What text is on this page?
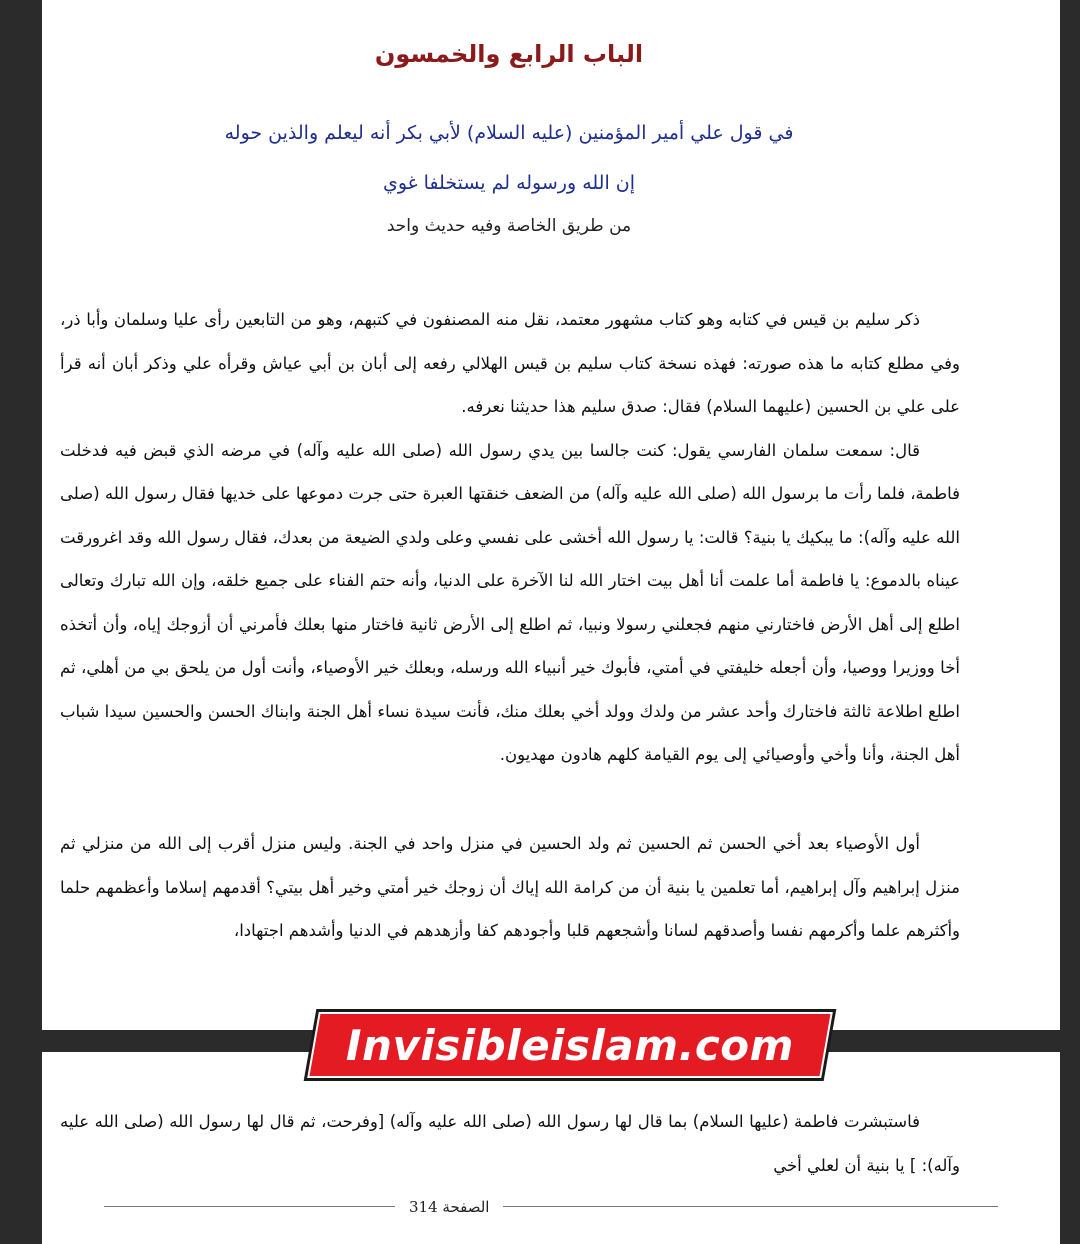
الباب الرابع والخمسون
في قول علي أمير المؤمنين (عليه السلام) لأبي بكر أنه ليعلم والذين حوله
إن الله ورسوله لم يستخلفا غوي
من طريق الخاصة وفيه حديث واحد

ذكر سليم بن قيس في كتابه وهو كتاب مشهور معتمد، نقل منه المصنفون في كتبهم، وهو من التابعين رأى عليا وسلمان وأبا ذر، وفي مطلع كتابه ما هذه صورته: فهذه نسخة كتاب سليم بن قيس الهلالي رفعه إلى أبان بن أبي عياش وقرأه علي وذكر أبان أنه قرأ على علي بن الحسين (عليهما السلام) فقال: صدق سليم هذا حديثنا نعرفه.

قال: سمعت سلمان الفارسي يقول: كنت جالسا بين يدي رسول الله (صلى الله عليه وآله) في مرضه الذي قبض فيه فدخلت فاطمة، فلما رأت ما برسول الله (صلى الله عليه وآله) من الضعف خنقتها العبرة حتى جرت دموعها على خديها فقال رسول الله (صلى الله عليه وآله): ما يبكيك يا بنية؟ قالت: يا رسول الله أخشى على نفسي وعلى ولدي الضيعة من بعدك، فقال رسول الله وقد اغرورقت عيناه بالدموع: يا فاطمة أما علمت أنا أهل بيت اختار الله لنا الآخرة على الدنيا، وأنه حتم الفناء على جميع خلقه، وإن الله تبارك وتعالى اطلع إلى أهل الأرض فاختارني منهم فجعلني رسولا ونبيا، ثم اطلع إلى الأرض ثانية فاختار منها بعلك فأمرني أن أزوجك إياه، وأن أتخذه أخا ووزيرا ووصيا، وأن أجعله خليفتي في أمتي، فأبوك خير أنبياء الله ورسله، وبعلك خير الأوصياء، وأنت أول من يلحق بي من أهلي، ثم اطلع اطلاعة ثالثة فاختارك وأحد عشر من ولدك وولد أخي بعلك منك، فأنت سيدة نساء أهل الجنة وابناك الحسن والحسين سيدا شباب أهل الجنة، وأنا وأخي وأوصيائي إلى يوم القيامة كلهم هادون مهديون.

أول الأوصياء بعد أخي الحسن ثم الحسين ثم ولد الحسين في منزل واحد في الجنة. وليس منزل أقرب إلى الله من منزلي ثم منزل إبراهيم وآل إبراهيم، أما تعلمين يا بنية أن من كرامة الله إياك أن زوجك خير أمتي وخير أهل بيتي؟ أقدمهم إسلاما وأعظمهم حلما وأكثرهم علما وأكرمهم نفسا وأصدقهم لسانا وأشجعهم قلبا وأجودهم كفا وأزهدهم في الدنيا وأشدهم اجتهادا،

فاستبشرت فاطمة (عليها السلام) بما قال لها رسول الله (صلى الله عليه وآله) [وفرحت، ثم قال لها رسول الله (صلى الله عليه وآله): ] يا بنية أن لعلي أخي

الصفحة 314
Invisibleislam.com
